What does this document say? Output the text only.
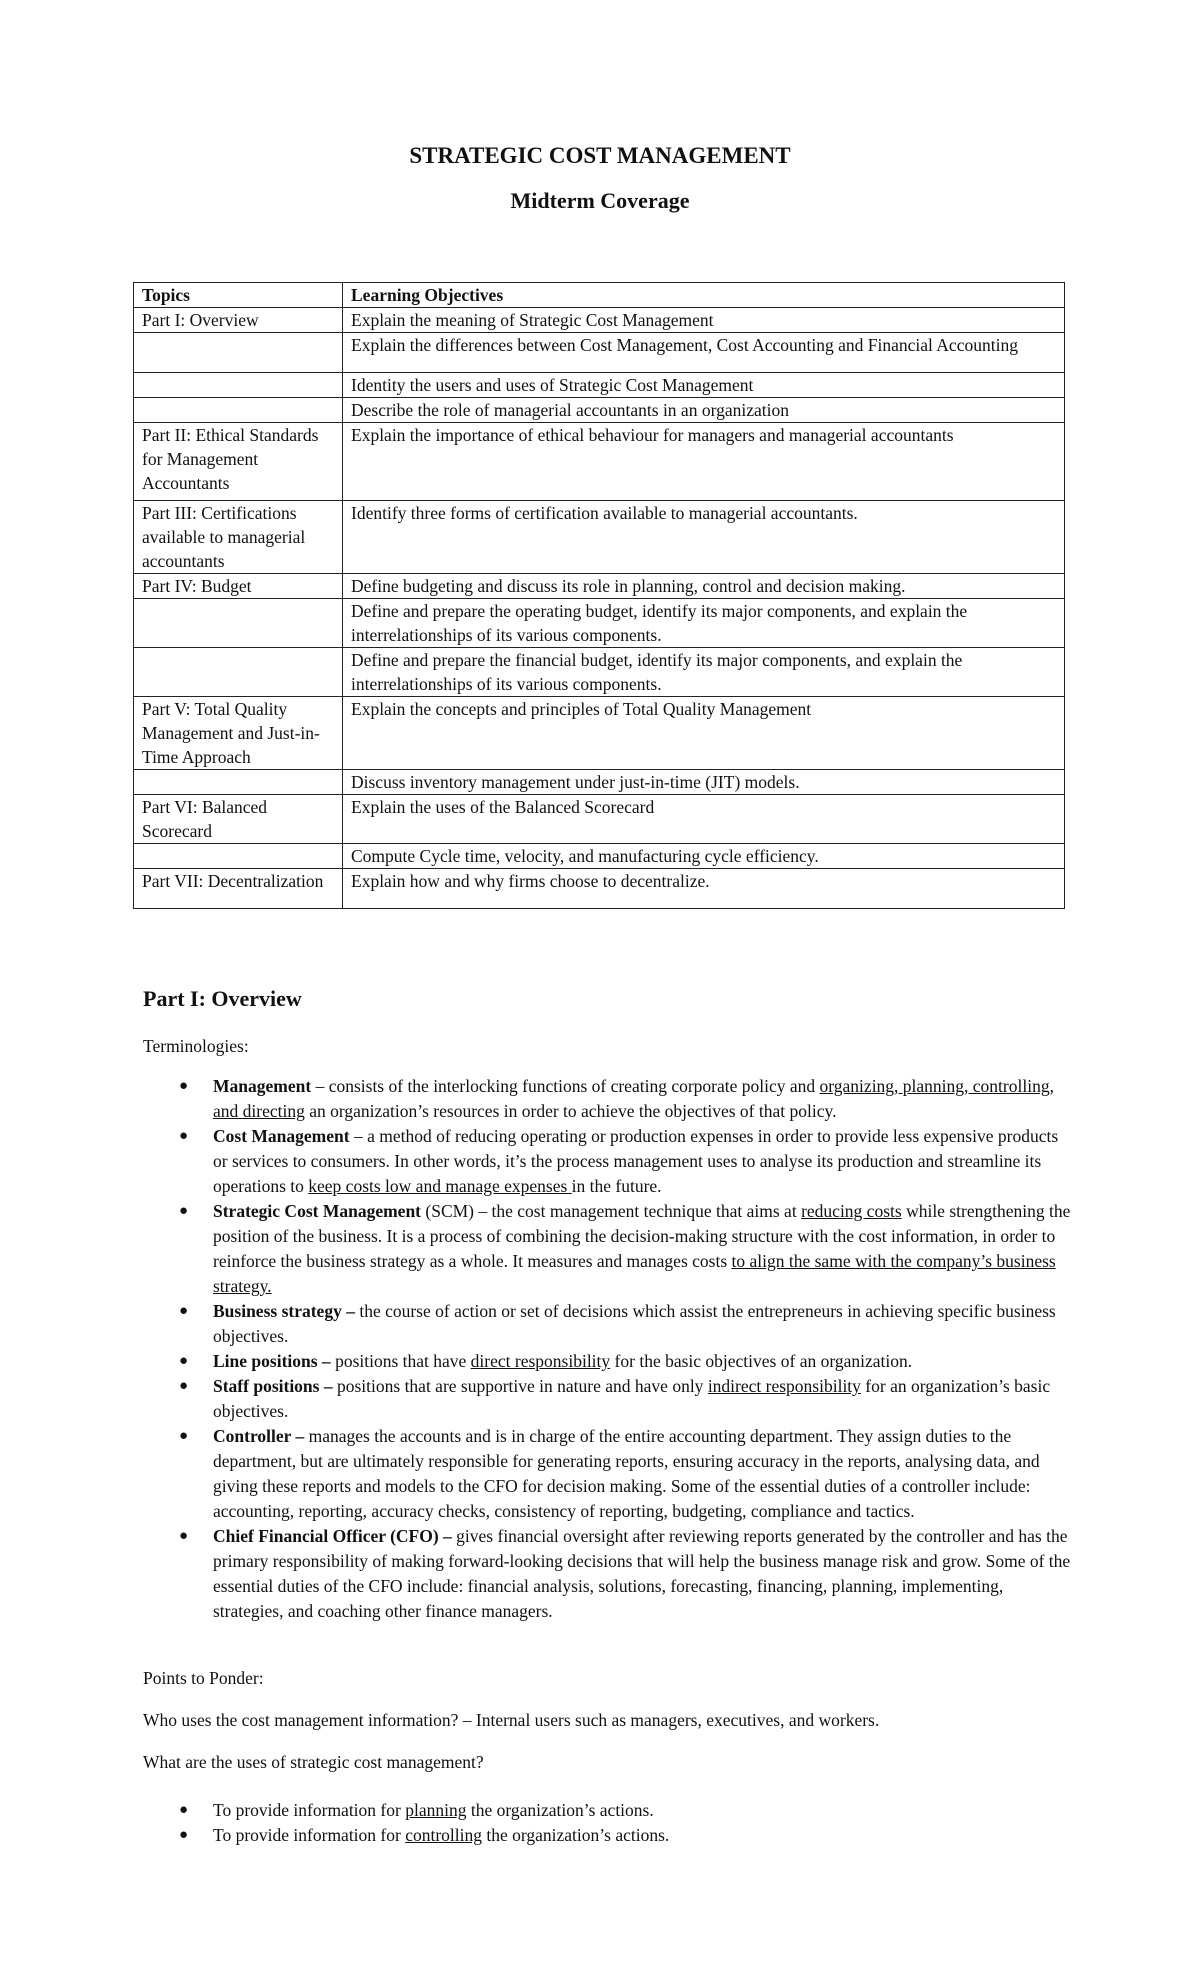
STRATEGIC COST MANAGEMENT
Midterm Coverage
Topics	Learning Objectives
Part I: Overview	Explain the meaning of Strategic Cost Management
	Explain the differences between Cost Management, Cost Accounting and Financial Accounting
	Identity the users and uses of Strategic Cost Management
	Describe the role of managerial accountants in an organization
Part II: Ethical Standards for Management Accountants	Explain the importance of ethical behaviour for managers and managerial accountants
Part III: Certifications available to managerial accountants	Identify three forms of certification available to managerial accountants.
Part IV: Budget	Define budgeting and discuss its role in planning, control and decision making.
	Define and prepare the operating budget, identify its major components, and explain the interrelationships of its various components.
	Define and prepare the financial budget, identify its major components, and explain the interrelationships of its various components.
Part V: Total Quality Management and Just-in-Time Approach	Explain the concepts and principles of Total Quality Management
	Discuss inventory management under just-in-time (JIT) models.
Part VI: Balanced Scorecard	Explain the uses of the Balanced Scorecard
	Compute Cycle time, velocity, and manufacturing cycle efficiency.
Part VII: Decentralization	Explain how and why firms choose to decentralize.
Part I: Overview
Terminologies:
● Management – consists of the interlocking functions of creating corporate policy and organizing, planning, controlling, and directing an organization’s resources in order to achieve the objectives of that policy.
● Cost Management – a method of reducing operating or production expenses in order to provide less expensive products or services to consumers. In other words, it’s the process management uses to analyse its production and streamline its operations to keep costs low and manage expenses in the future.
● Strategic Cost Management (SCM) – the cost management technique that aims at reducing costs while strengthening the position of the business. It is a process of combining the decision-making structure with the cost information, in order to reinforce the business strategy as a whole. It measures and manages costs to align the same with the company’s business strategy.
● Business strategy – the course of action or set of decisions which assist the entrepreneurs in achieving specific business objectives.
● Line positions – positions that have direct responsibility for the basic objectives of an organization.
● Staff positions – positions that are supportive in nature and have only indirect responsibility for an organization’s basic objectives.
● Controller – manages the accounts and is in charge of the entire accounting department. They assign duties to the department, but are ultimately responsible for generating reports, ensuring accuracy in the reports, analysing data, and giving these reports and models to the CFO for decision making. Some of the essential duties of a controller include: accounting, reporting, accuracy checks, consistency of reporting, budgeting, compliance and tactics.
● Chief Financial Officer (CFO) – gives financial oversight after reviewing reports generated by the controller and has the primary responsibility of making forward-looking decisions that will help the business manage risk and grow. Some of the essential duties of the CFO include: financial analysis, solutions, forecasting, financing, planning, implementing, strategies, and coaching other finance managers.
Points to Ponder:
Who uses the cost management information? – Internal users such as managers, executives, and workers.
What are the uses of strategic cost management?
● To provide information for planning the organization’s actions.
● To provide information for controlling the organization’s actions.
